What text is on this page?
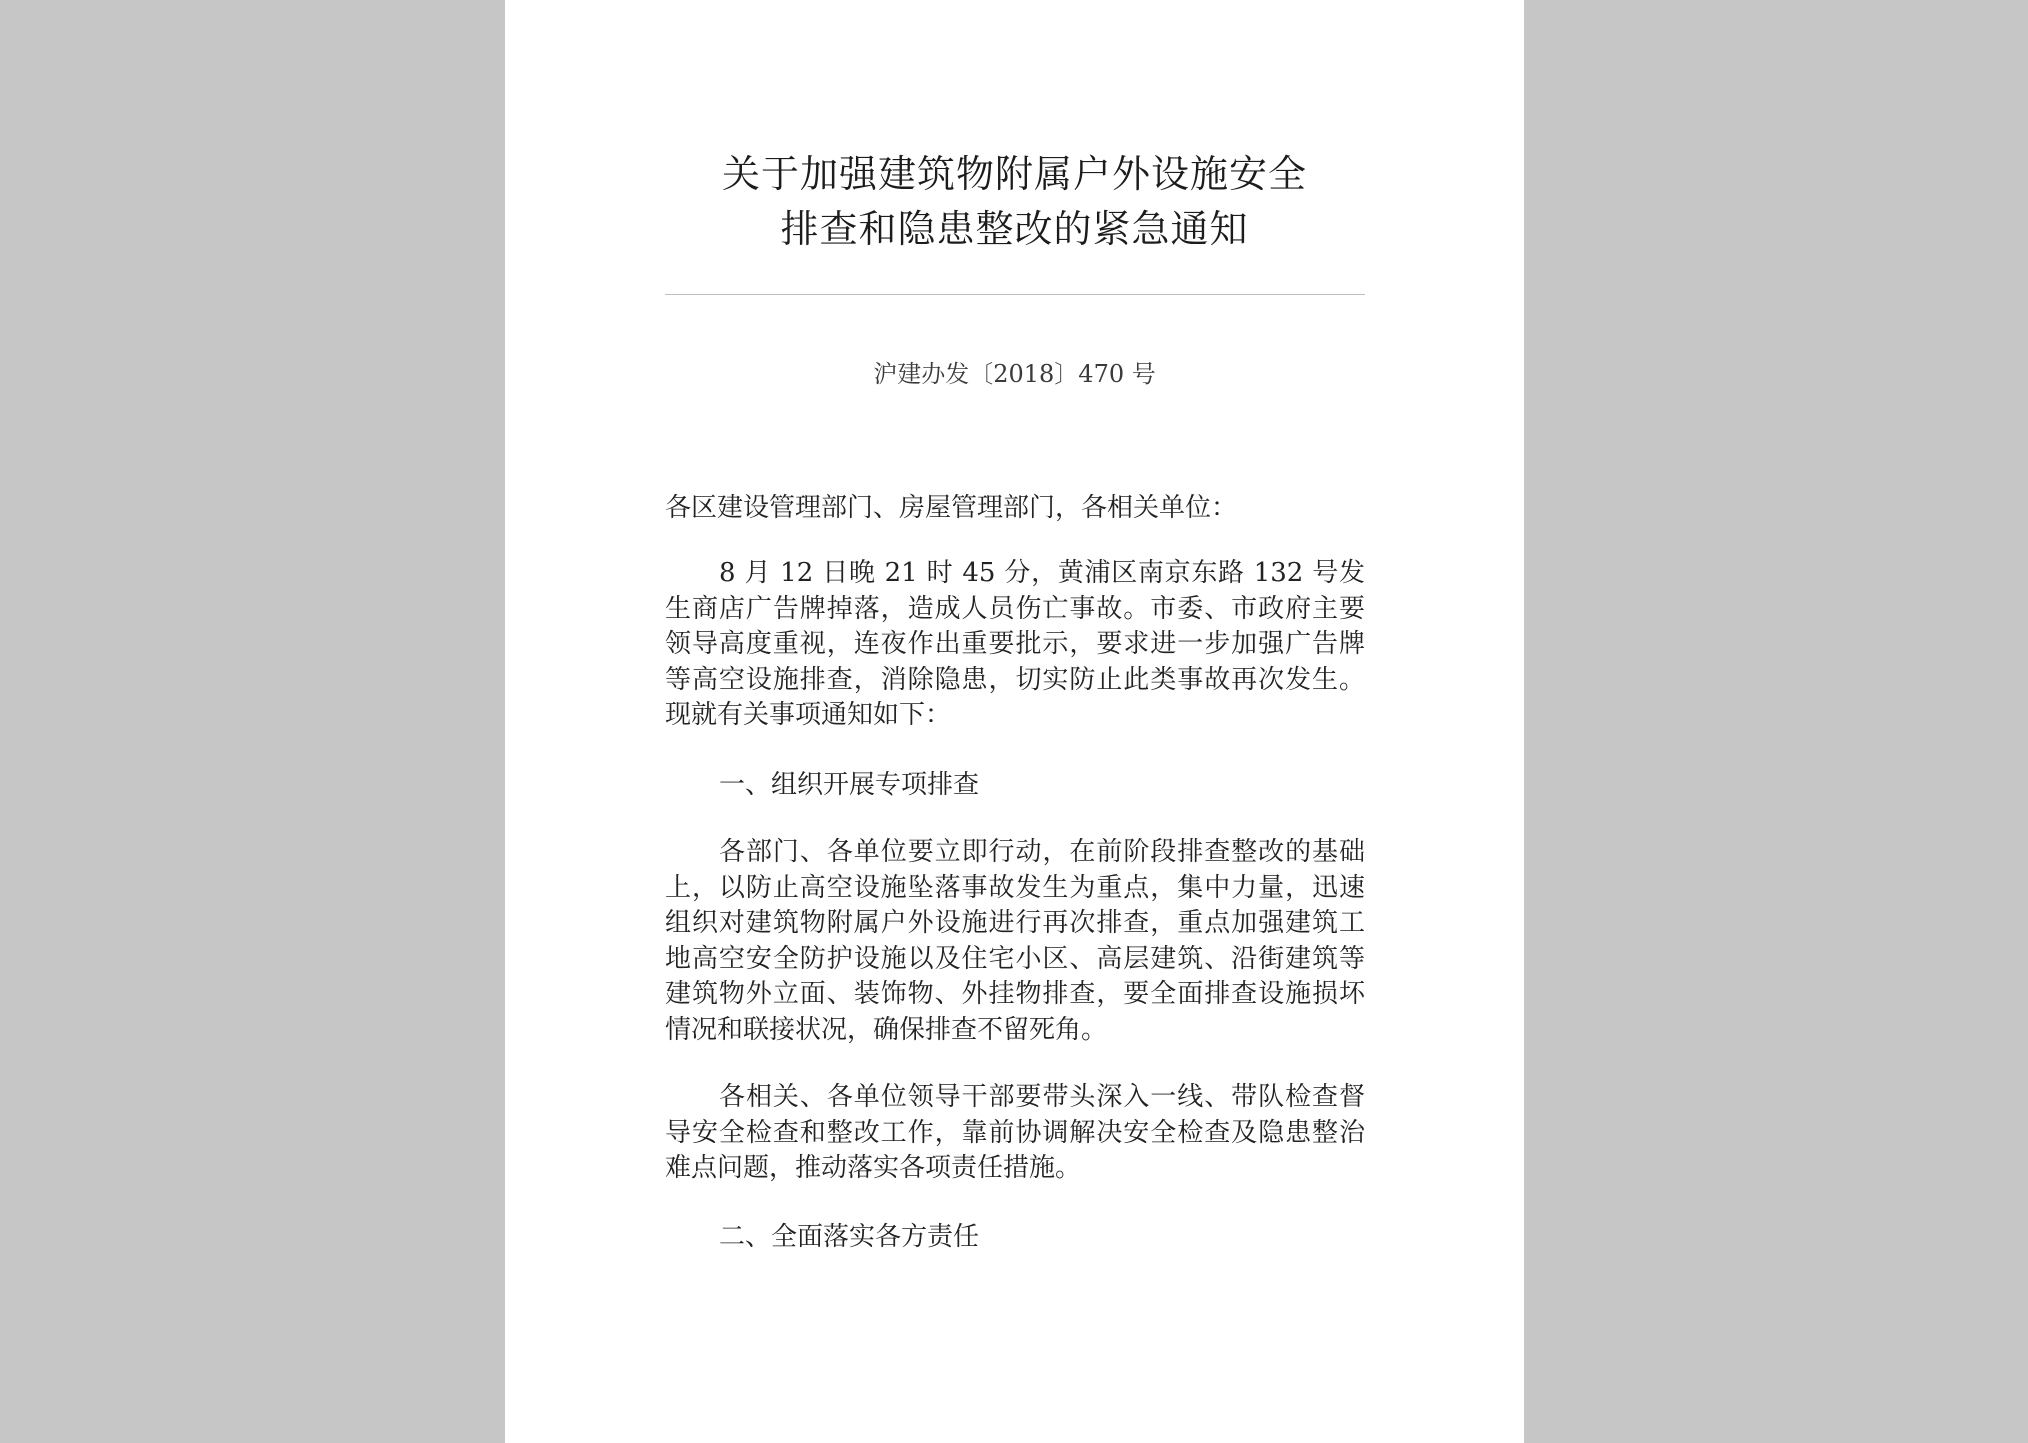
关于加强建筑物附属户外设施安全
排查和隐患整改的紧急通知
沪建办发〔2018〕470 号

各区建设管理部门、房屋管理部门，各相关单位：

8 月 12 日晚 21 时 45 分，黄浦区南京东路 132 号发生商店广告牌掉落，造成人员伤亡事故。市委、市政府主要领导高度重视，连夜作出重要批示，要求进一步加强广告牌等高空设施排查，消除隐患，切实防止此类事故再次发生。现就有关事项通知如下：

一、组织开展专项排查

各部门、各单位要立即行动，在前阶段排查整改的基础上，以防止高空设施坠落事故发生为重点，集中力量，迅速组织对建筑物附属户外设施进行再次排查，重点加强建筑工地高空安全防护设施以及住宅小区、高层建筑、沿街建筑等建筑物外立面、装饰物、外挂物排查，要全面排查设施损坏情况和联接状况，确保排查不留死角。

各相关、各单位领导干部要带头深入一线、带队检查督导安全检查和整改工作，靠前协调解决安全检查及隐患整治难点问题，推动落实各项责任措施。

二、全面落实各方责任
